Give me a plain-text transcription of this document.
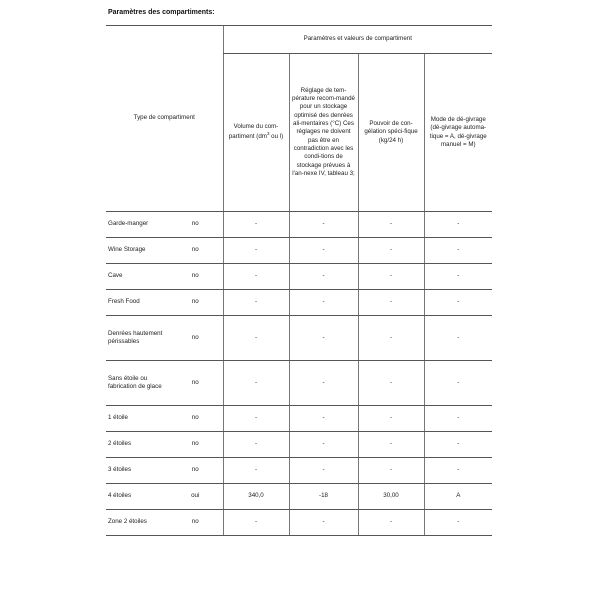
Paramètres des compartiments:
Type de compartiment		Paramètres et valeurs de compartiment			
		Volume du com-partiment ($dm^3$ ou l)	Réglage de tem-pérature recom-mandé pour un stockage optimisé des denrées ali-mentaires (°C) Ces réglages ne doivent pas être en contradiction avec les condi-tions de stockage prévues à l'an-nexe IV, tableau 3;	Pouvoir de con-gélation spéci-fique (kg/24 h)	Mode de dé-givrage (dé-givrage automa-tique = A, dé-givrage manuel = M)
Garde-manger	no	-	-	-	-
Wine Storage	no	-	-	-	-
Cave	no	-	-	-	-
Fresh Food	no	-	-	-	-
Denrées hautement périssables	no	-	-	-	-
Sans étoile ou fabrication de glace	no	-	-	-	-
1 étoile	no	-	-	-	-
2 étoiles	no	-	-	-	-
3 étoiles	no	-	-	-	-
4 étoiles	oui	340,0	-18	30,00	A
Zone 2 étoiles	no	-	-	-	-
